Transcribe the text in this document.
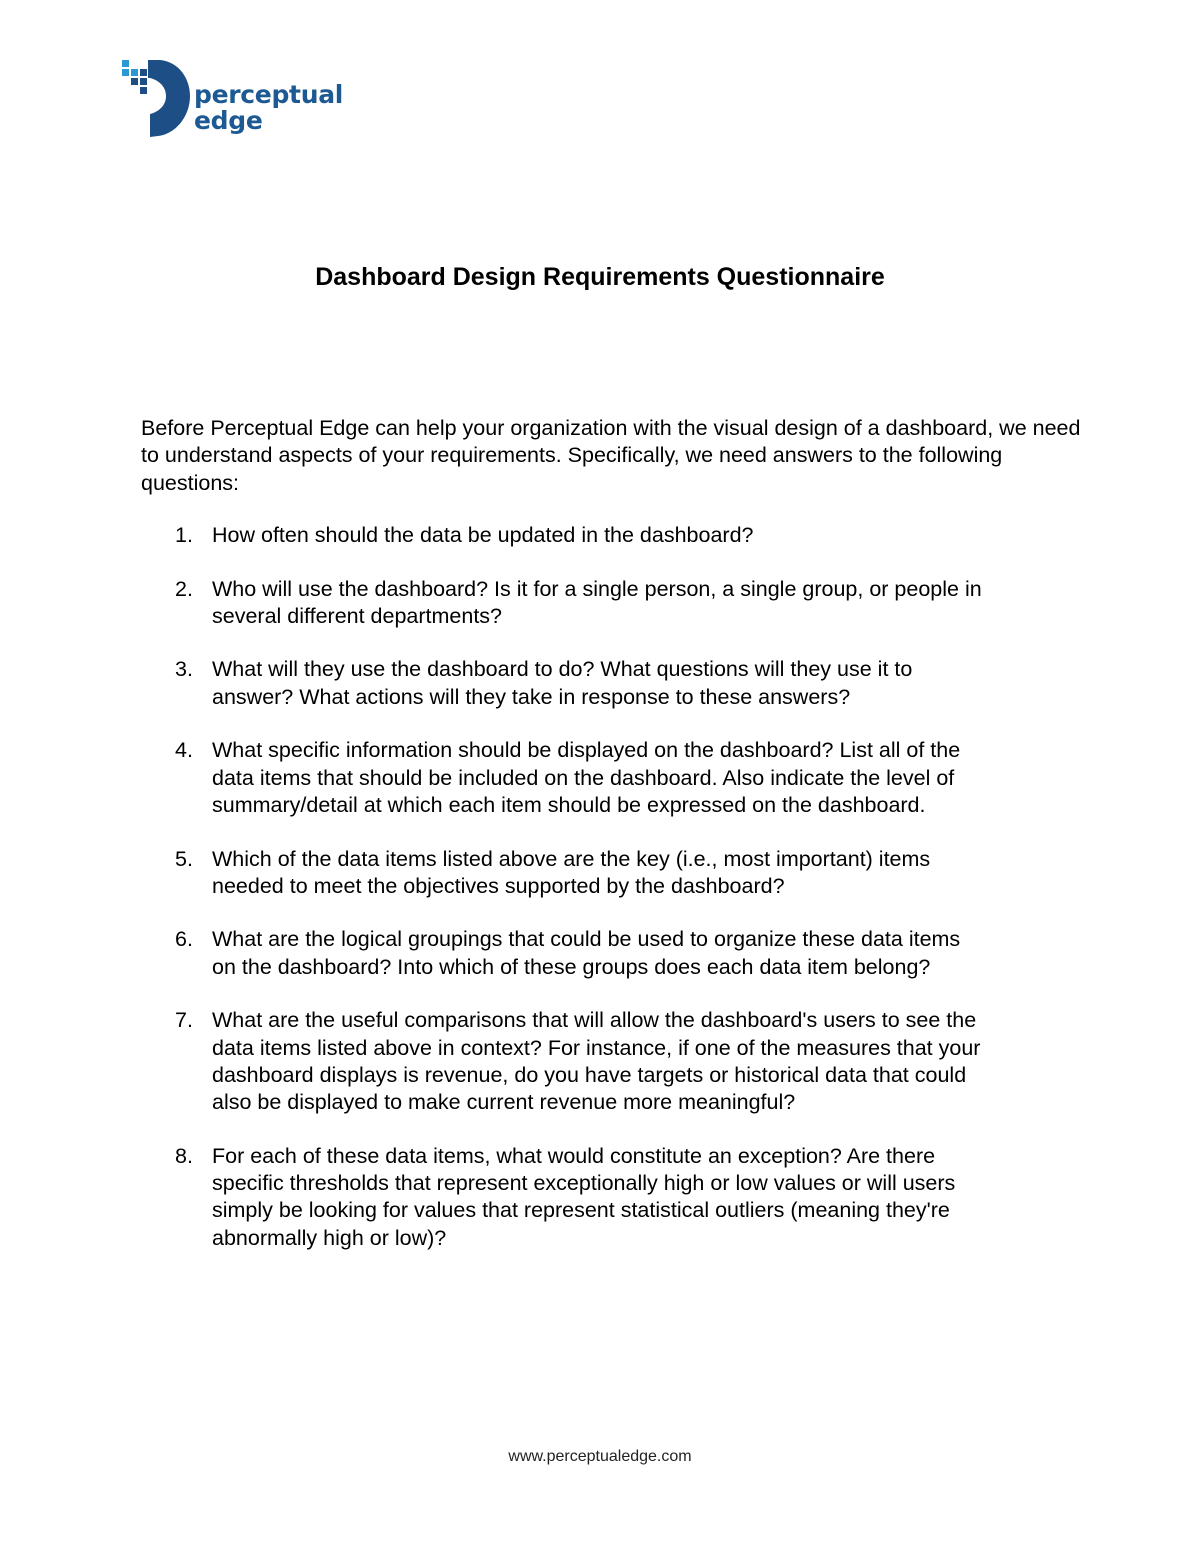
perceptual
edge
Dashboard Design Requirements Questionnaire
Before Perceptual Edge can help your organization with the visual design of a dashboard, we need to understand aspects of your requirements. Specifically, we need answers to the following questions:
1. How often should the data be updated in the dashboard?
2. Who will use the dashboard? Is it for a single person, a single group, or people in
several different departments?
3. What will they use the dashboard to do? What questions will they use it to
answer? What actions will they take in response to these answers?
4. What specific information should be displayed on the dashboard? List all of the
data items that should be included on the dashboard. Also indicate the level of
summary/detail at which each item should be expressed on the dashboard.
5. Which of the data items listed above are the key (i.e., most important) items
needed to meet the objectives supported by the dashboard?
6. What are the logical groupings that could be used to organize these data items
on the dashboard? Into which of these groups does each data item belong?
7. What are the useful comparisons that will allow the dashboard's users to see the
data items listed above in context? For instance, if one of the measures that your
dashboard displays is revenue, do you have targets or historical data that could
also be displayed to make current revenue more meaningful?
8. For each of these data items, what would constitute an exception? Are there
specific thresholds that represent exceptionally high or low values or will users
simply be looking for values that represent statistical outliers (meaning they're
abnormally high or low)?
www.perceptualedge.com
